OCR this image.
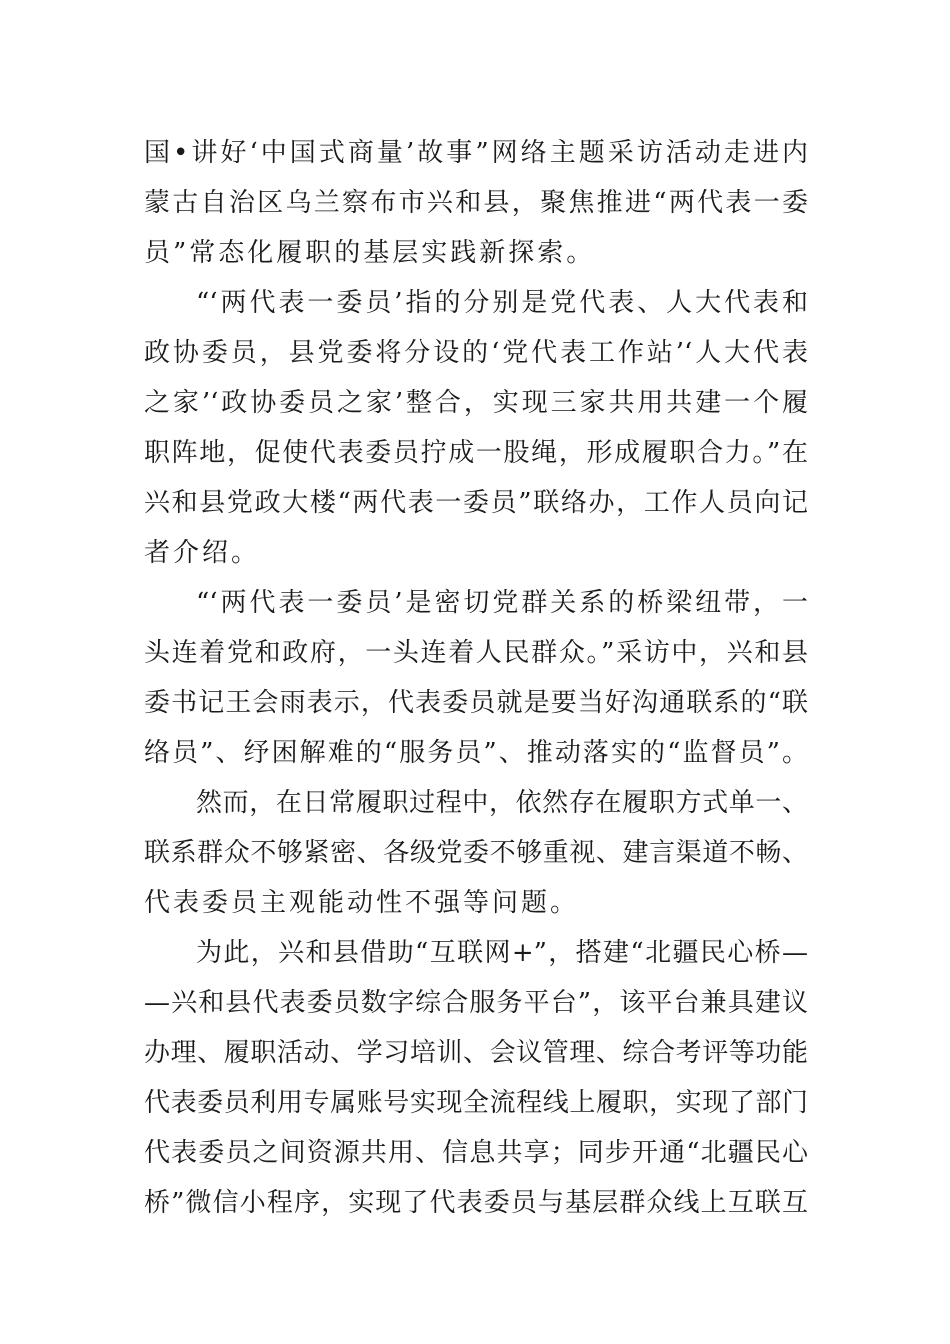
国•讲好‘中国式商量’故事”网络主题采访活动走进内
蒙古自治区乌兰察布市兴和县，聚焦推进“两代表一委
员”常态化履职的基层实践新探索。
“‘两代表一委员’指的分别是党代表、人大代表和
政协委员，县党委将分设的‘党代表工作站’‘人大代表
之家’‘政协委员之家’整合，实现三家共用共建一个履
职阵地，促使代表委员拧成一股绳，形成履职合力。”在
兴和县党政大楼“两代表一委员”联络办，工作人员向记
者介绍。
“‘两代表一委员’是密切党群关系的桥梁纽带，一
头连着党和政府，一头连着人民群众。”采访中，兴和县
委书记王会雨表示，代表委员就是要当好沟通联系的“联
络员”、纾困解难的“服务员”、推动落实的“监督员”。
然而，在日常履职过程中，依然存在履职方式单一、
联系群众不够紧密、各级党委不够重视、建言渠道不畅、
代表委员主观能动性不强等问题。
为此，兴和县借助“互联网+”，搭建“北疆民心桥—
—兴和县代表委员数字综合服务平台”，该平台兼具建议
办理、履职活动、学习培训、会议管理、综合考评等功能
代表委员利用专属账号实现全流程线上履职，实现了部门
代表委员之间资源共用、信息共享；同步开通“北疆民心
桥”微信小程序，实现了代表委员与基层群众线上互联互
